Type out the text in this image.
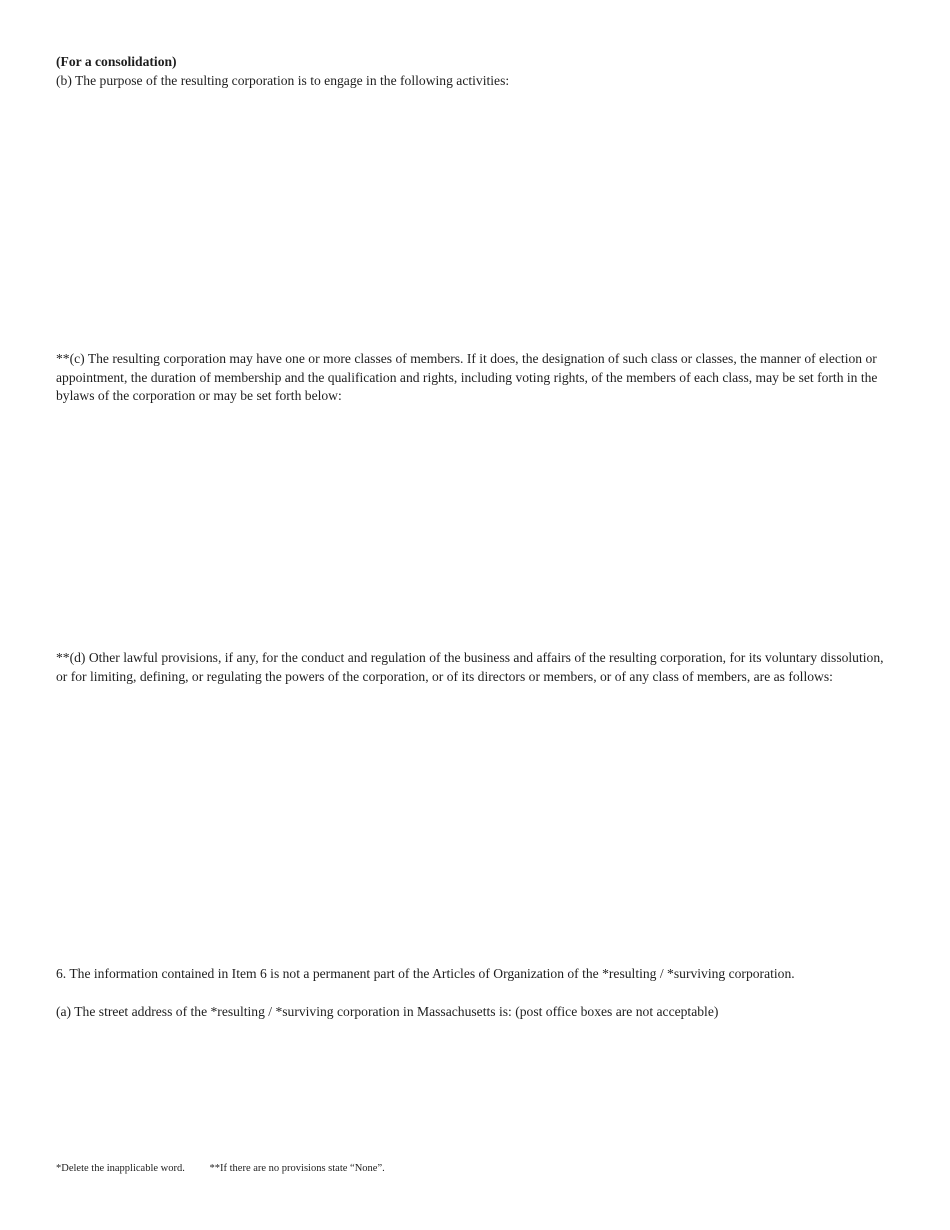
(For a consolidation)
(b) The purpose of the resulting corporation is to engage in the following activities:
**(c) The resulting corporation may have one or more classes of members. If it does, the designation of such class or classes, the manner of election or appointment, the duration of membership and the qualification and rights, including voting rights, of the members of each class, may be set forth in the bylaws of the corporation or may be set forth below:
**(d) Other lawful provisions, if any, for the conduct and regulation of the business and affairs of the resulting corporation, for its voluntary dissolution, or for limiting, defining, or regulating the powers of the corporation, or of its directors or members, or of any class of members, are as follows:
6. The information contained in Item 6 is not a permanent part of the Articles of Organization of the *resulting / *surviving corporation.
(a) The street address of the *resulting / *surviving corporation in Massachusetts is: (post office boxes are not acceptable)
*Delete the inapplicable word. **If there are no provisions state “None”.
